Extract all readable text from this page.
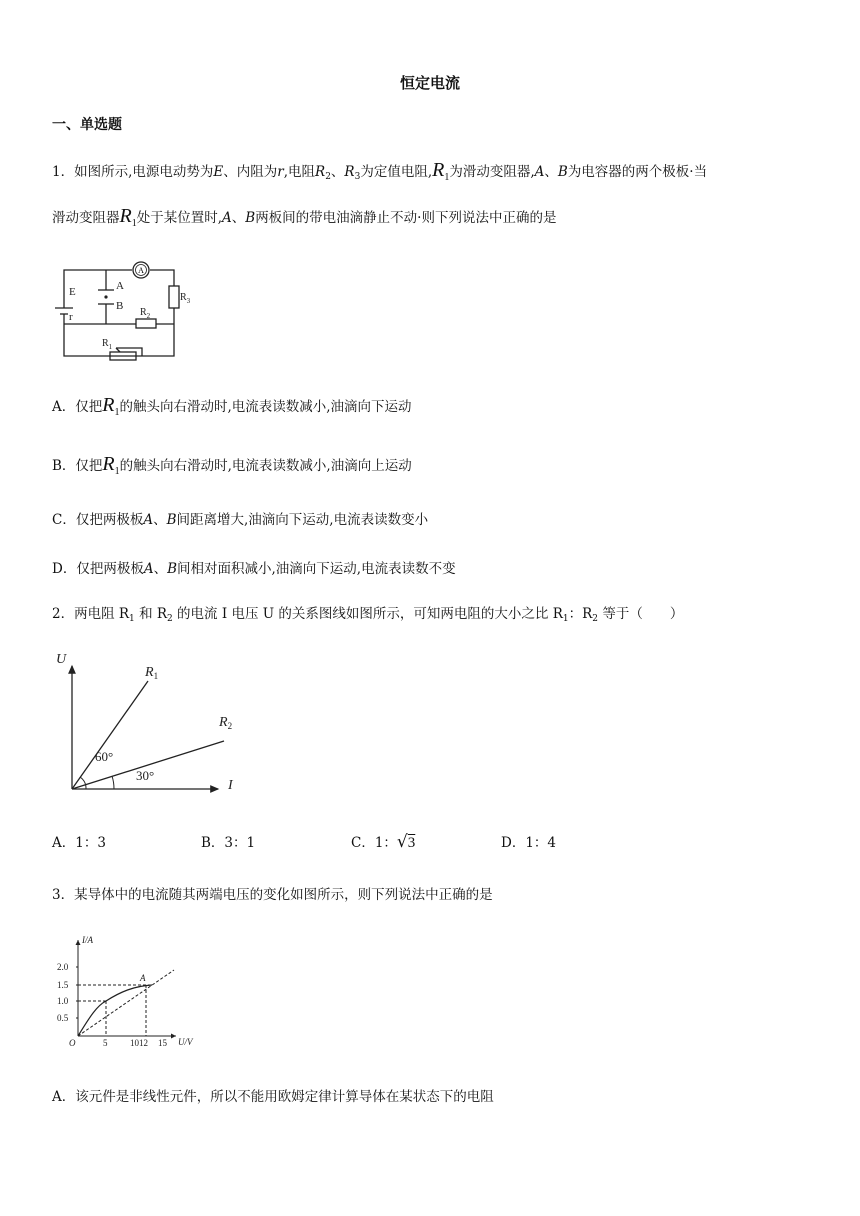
恒定电流
一、单选题
1．如图所示,电源电动势为E、内阻为r,电阻$R_2$、$R_3$为定值电阻$,R_1$为滑动变阻器,A、B为电容器的两个极板·当
滑动变阻器$R_1$处于某位置时,A、B两板间的带电油滴静止不动·则下列说法中正确的是
A
E
r
A
B
$R_3$
$R_2$
$R_1$
A．仅把$R_1$的触头向右滑动时,电流表读数减小,油滴向下运动
B．仅把$R_1$的触头向右滑动时,电流表读数减小,油滴向上运动
C．仅把两极板A、B间距离增大,油滴向下运动,电流表读数变小
D．仅把两极板A、B间相对面积减小,油滴向下运动,电流表读数不变
2．两电阻 $R_1$ 和 $R_2$ 的电流 I 电压 U 的关系图线如图所示，可知两电阻的大小之比 $R_1$：$R_2$ 等于（　　）
U
I
$R_1$
$R_2$
60°
30°
A．1：3	B．3：1	C．1：√3	D．1：4
3．某导体中的电流随其两端电压的变化如图所示，则下列说法中正确的是
I/A
U/V
O
A
2.0
1.5
1.0
0.5
5	1012 15
A．该元件是非线性元件，所以不能用欧姆定律计算导体在某状态下的电阻
